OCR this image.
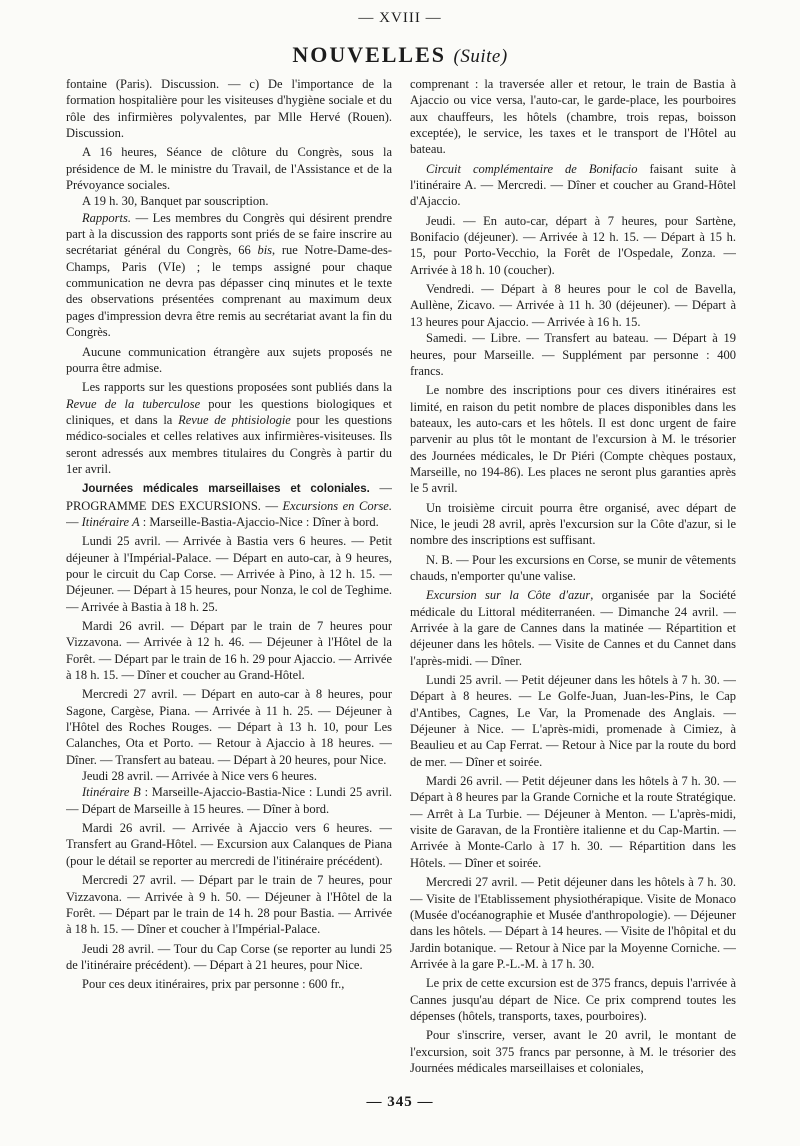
— XVIII —
NOUVELLES (Suite)

fontaine (Paris). Discussion. — c) De l'importance de la formation hospitalière pour les visiteuses d'hygiène sociale et du rôle des infirmières polyvalentes, par Mlle Hervé (Rouen). Discussion.

A 16 heures, Séance de clôture du Congrès, sous la présidence de M. le ministre du Travail, de l'Assistance et de la Prévoyance sociales.

A 19 h. 30, Banquet par souscription.

Rapports. — Les membres du Congrès qui désirent prendre part à la discussion des rapports sont priés de se faire inscrire au secrétariat général du Congrès, 66 bis, rue Notre-Dame-des-Champs, Paris (VIe) ; le temps assigné pour chaque communication ne devra pas dépasser cinq minutes et le texte des observations présentées comprenant au maximum deux pages d'impression devra être remis au secrétariat avant la fin du Congrès.

Aucune communication étrangère aux sujets proposés ne pourra être admise.

Les rapports sur les questions proposées sont publiés dans la Revue de la tuberculose pour les questions biologiques et cliniques, et dans la Revue de phtisiologie pour les questions médico-sociales et celles relatives aux infirmières-visiteuses. Ils seront adressés aux membres titulaires du Congrès à partir du 1er avril.

Journées médicales marseillaises et coloniales. — PROGRAMME DES EXCURSIONS. — Excursions en Corse. — Itinéraire A : Marseille-Bastia-Ajaccio-Nice : Dîner à bord.

Lundi 25 avril. — Arrivée à Bastia vers 6 heures. — Petit déjeuner à l'Impérial-Palace. — Départ en auto-car, à 9 heures, pour le circuit du Cap Corse. — Arrivée à Pino, à 12 h. 15. — Déjeuner. — Départ à 15 heures, pour Nonza, le col de Teghime. — Arrivée à Bastia à 18 h. 25.

Mardi 26 avril. — Départ par le train de 7 heures pour Vizzavona. — Arrivée à 12 h. 46. — Déjeuner à l'Hôtel de la Forêt. — Départ par le train de 16 h. 29 pour Ajaccio. — Arrivée à 18 h. 15. — Dîner et coucher au Grand-Hôtel.

Mercredi 27 avril. — Départ en auto-car à 8 heures, pour Sagone, Cargèse, Piana. — Arrivée à 11 h. 25. — Déjeuner à l'Hôtel des Roches Rouges. — Départ à 13 h. 10, pour Les Calanches, Ota et Porto. — Retour à Ajaccio à 18 heures. — Dîner. — Transfert au bateau. — Départ à 20 heures, pour Nice.

Jeudi 28 avril. — Arrivée à Nice vers 6 heures.

Itinéraire B : Marseille-Ajaccio-Bastia-Nice : Lundi 25 avril. — Départ de Marseille à 15 heures. — Dîner à bord.

Mardi 26 avril. — Arrivée à Ajaccio vers 6 heures. — Transfert au Grand-Hôtel. — Excursion aux Calanques de Piana (pour le détail se reporter au mercredi de l'itinéraire précédent).

Mercredi 27 avril. — Départ par le train de 7 heures, pour Vizzavona. — Arrivée à 9 h. 50. — Déjeuner à l'Hôtel de la Forêt. — Départ par le train de 14 h. 28 pour Bastia. — Arrivée à 18 h. 15. — Dîner et coucher à l'Impérial-Palace.

Jeudi 28 avril. — Tour du Cap Corse (se reporter au lundi 25 de l'itinéraire précédent). — Départ à 21 heures, pour Nice.

Pour ces deux itinéraires, prix par personne : 600 fr.,

comprenant : la traversée aller et retour, le train de Bastia à Ajaccio ou vice versa, l'auto-car, le garde-place, les pourboires aux chauffeurs, les hôtels (chambre, trois repas, boisson exceptée), le service, les taxes et le transport de l'Hôtel au bateau.

Circuit complémentaire de Bonifacio faisant suite à l'itinéraire A. — Mercredi. — Dîner et coucher au Grand-Hôtel d'Ajaccio.

Jeudi. — En auto-car, départ à 7 heures, pour Sartène, Bonifacio (déjeuner). — Arrivée à 12 h. 15. — Départ à 15 h. 15, pour Porto-Vecchio, la Forêt de l'Ospedale, Zonza. — Arrivée à 18 h. 10 (coucher).

Vendredi. — Départ à 8 heures pour le col de Bavella, Aullène, Zicavo. — Arrivée à 11 h. 30 (déjeuner). — Départ à 13 heures pour Ajaccio. — Arrivée à 16 h. 15.

Samedi. — Libre. — Transfert au bateau. — Départ à 19 heures, pour Marseille. — Supplément par personne : 400 francs.

Le nombre des inscriptions pour ces divers itinéraires est limité, en raison du petit nombre de places disponibles dans les bateaux, les auto-cars et les hôtels. Il est donc urgent de faire parvenir au plus tôt le montant de l'excursion à M. le trésorier des Journées médicales, le Dr Piéri (Compte chèques postaux, Marseille, no 194-86). Les places ne seront plus garanties après le 5 avril.

Un troisième circuit pourra être organisé, avec départ de Nice, le jeudi 28 avril, après l'excursion sur la Côte d'azur, si le nombre des inscriptions est suffisant.

N. B. — Pour les excursions en Corse, se munir de vêtements chauds, n'emporter qu'une valise.

Excursion sur la Côte d'azur, organisée par la Société médicale du Littoral méditerranéen. — Dimanche 24 avril. — Arrivée à la gare de Cannes dans la matinée — Répartition et déjeuner dans les hôtels. — Visite de Cannes et du Cannet dans l'après-midi. — Dîner.

Lundi 25 avril. — Petit déjeuner dans les hôtels à 7 h. 30. — Départ à 8 heures. — Le Golfe-Juan, Juan-les-Pins, le Cap d'Antibes, Cagnes, Le Var, la Promenade des Anglais. — Déjeuner à Nice. — L'après-midi, promenade à Cimiez, à Beaulieu et au Cap Ferrat. — Retour à Nice par la route du bord de mer. — Dîner et soirée.

Mardi 26 avril. — Petit déjeuner dans les hôtels à 7 h. 30. — Départ à 8 heures par la Grande Corniche et la route Stratégique. — Arrêt à La Turbie. — Déjeuner à Menton. — L'après-midi, visite de Garavan, de la Frontière italienne et du Cap-Martin. — Arrivée à Monte-Carlo à 17 h. 30. — Répartition dans les Hôtels. — Dîner et soirée.

Mercredi 27 avril. — Petit déjeuner dans les hôtels à 7 h. 30. — Visite de l'Etablissement physiothérapique. Visite de Monaco (Musée d'océanographie et Musée d'anthropologie). — Déjeuner dans les hôtels. — Départ à 14 heures. — Visite de l'hôpital et du Jardin botanique. — Retour à Nice par la Moyenne Corniche. — Arrivée à la gare P.-L.-M. à 17 h. 30.

Le prix de cette excursion est de 375 francs, depuis l'arrivée à Cannes jusqu'au départ de Nice. Ce prix comprend toutes les dépenses (hôtels, transports, taxes, pourboires).

Pour s'inscrire, verser, avant le 20 avril, le montant de l'excursion, soit 375 francs par personne, à M. le trésorier des Journées médicales marseillaises et coloniales,

— 345 —
